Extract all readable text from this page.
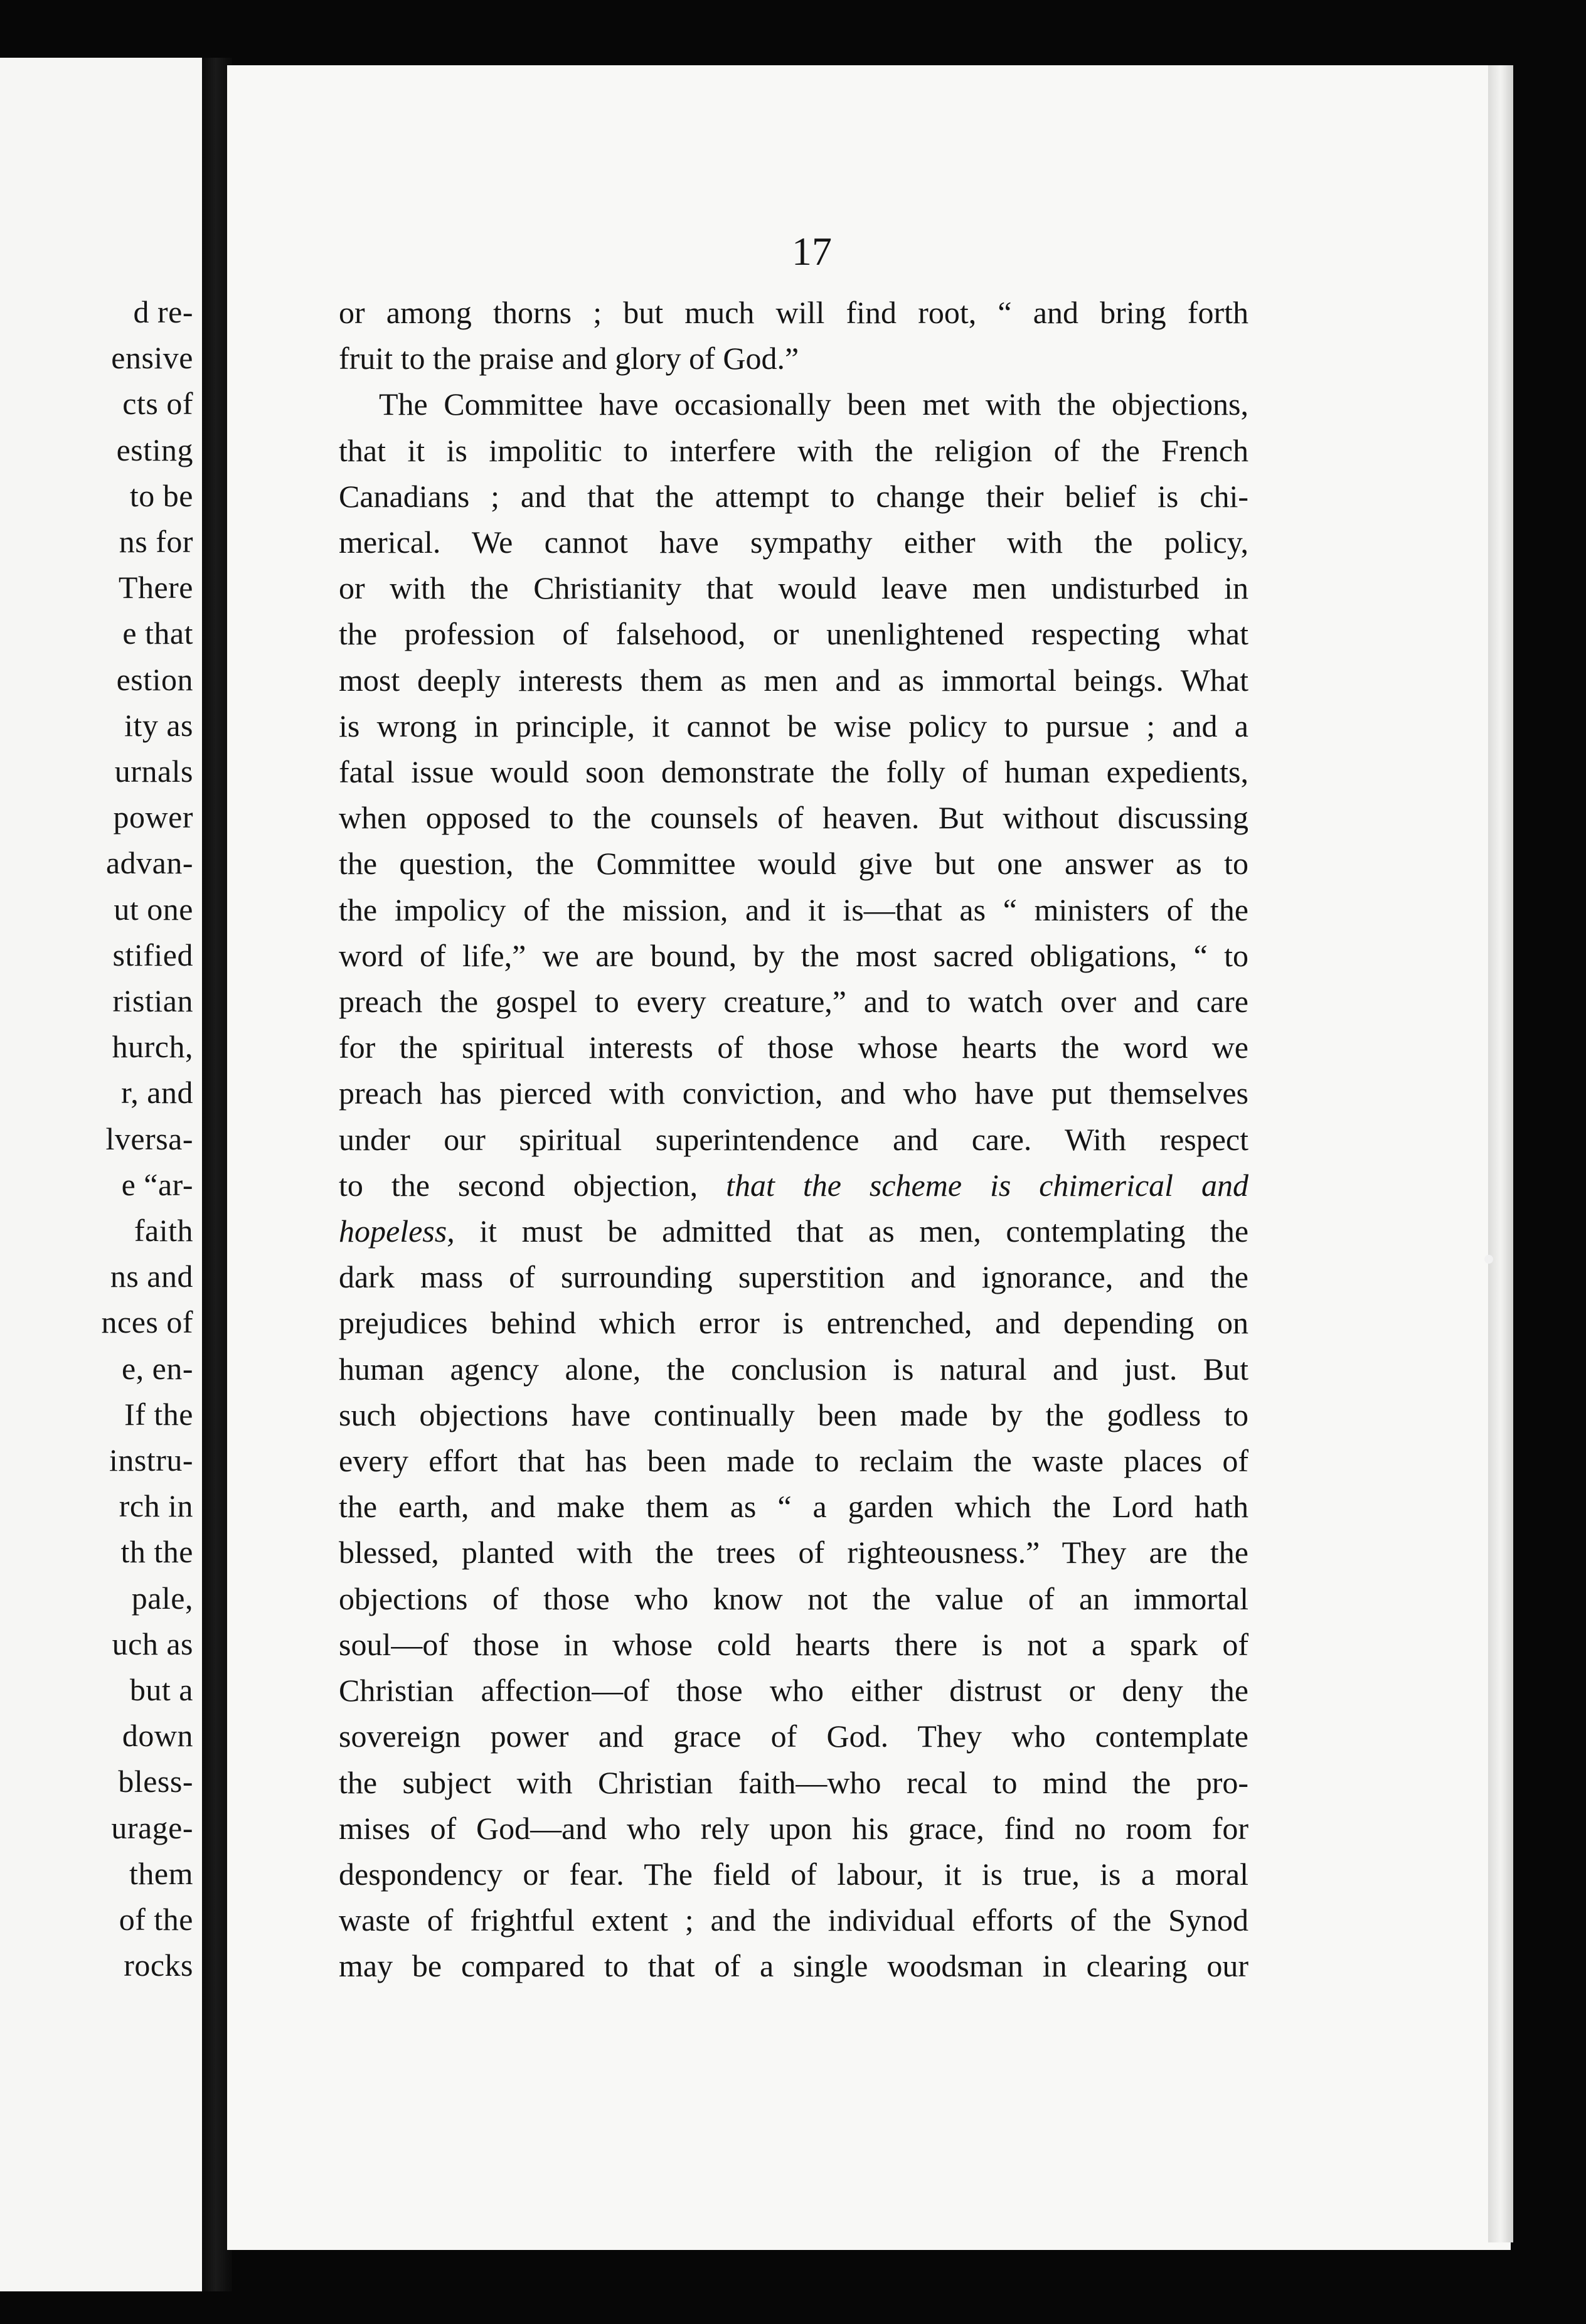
d re-
ensive
cts of
esting
to be
ns for
There
e that
estion
ity as
urnals
power
advan-
ut one
stified
ristian
hurch,
r, and
lversa-
e “ar-
faith
ns and
nces of
e, en-
If the
instru-
rch in
th the
pale,
uch as
but a
down
bless-
urage-
them
of the
rocks
17
or among thorns ; but much will find root, “ and bring forth
fruit to the praise and glory of God.”
The Committee have occasionally been met with the objections,
that it is impolitic to interfere with the religion of the French
Canadians ; and that the attempt to change their belief is chi-
merical. We cannot have sympathy either with the policy,
or with the Christianity that would leave men undisturbed in
the profession of falsehood, or unenlightened respecting what
most deeply interests them as men and as immortal beings. What
is wrong in principle, it cannot be wise policy to pursue ; and a
fatal issue would soon demonstrate the folly of human expedients,
when opposed to the counsels of heaven. But without discussing
the question, the Committee would give but one answer as to
the impolicy of the mission, and it is—that as “ ministers of the
word of life,” we are bound, by the most sacred obligations, “ to
preach the gospel to every creature,” and to watch over and care
for the spiritual interests of those whose hearts the word we
preach has pierced with conviction, and who have put themselves
under our spiritual superintendence and care. With respect
to the second objection, that the scheme is chimerical and
hopeless, it must be admitted that as men, contemplating the
dark mass of surrounding superstition and ignorance, and the
prejudices behind which error is entrenched, and depending on
human agency alone, the conclusion is natural and just. But
such objections have continually been made by the godless to
every effort that has been made to reclaim the waste places of
the earth, and make them as “ a garden which the Lord hath
blessed, planted with the trees of righteousness.” They are the
objections of those who know not the value of an immortal
soul—of those in whose cold hearts there is not a spark of
Christian affection—of those who either distrust or deny the
sovereign power and grace of God. They who contemplate
the subject with Christian faith—who recal to mind the pro-
mises of God—and who rely upon his grace, find no room for
despondency or fear. The field of labour, it is true, is a moral
waste of frightful extent ; and the individual efforts of the Synod
may be compared to that of a single woodsman in clearing our
